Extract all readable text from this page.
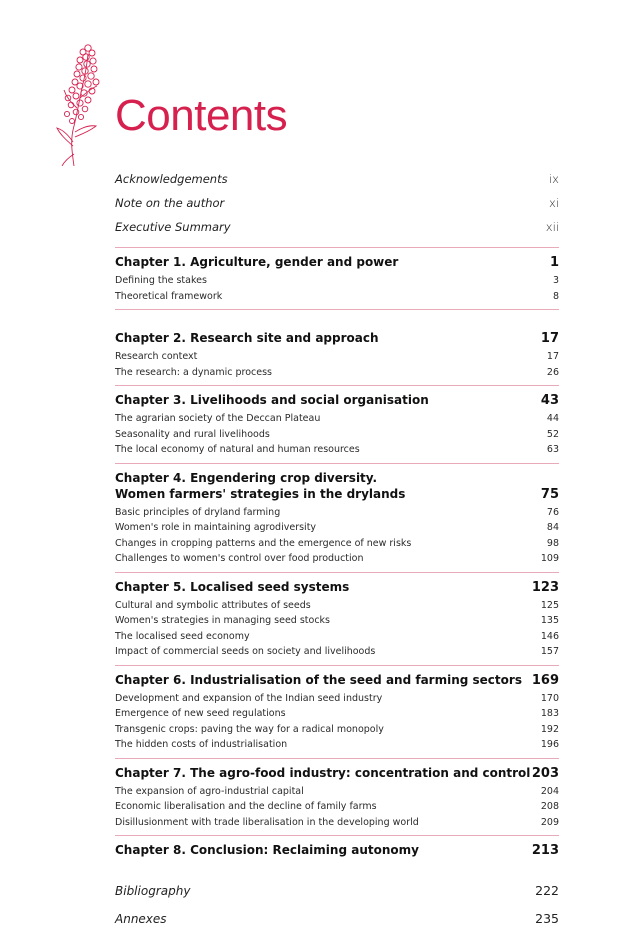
Contents
Acknowledgements	ix
Note on the author	xi
Executive Summary	xii
Chapter 1. Agriculture, gender and power	1
Defining the stakes	3
Theoretical framework	8
Chapter 2. Research site and approach	17
Research context	17
The research: a dynamic process	26
Chapter 3. Livelihoods and social organisation	43
The agrarian society of the Deccan Plateau	44
Seasonality and rural livelihoods	52
The local economy of natural and human resources	63
Chapter 4. Engendering crop diversity.
Women farmers' strategies in the drylands	75
Basic principles of dryland farming	76
Women's role in maintaining agrodiversity	84
Changes in cropping patterns and the emergence of new risks	98
Challenges to women's control over food production	109
Chapter 5. Localised seed systems	123
Cultural and symbolic attributes of seeds	125
Women's strategies in managing seed stocks	135
The localised seed economy	146
Impact of commercial seeds on society and livelihoods	157
Chapter 6. Industrialisation of the seed and farming sectors 169
Development and expansion of the Indian seed industry	170
Emergence of new seed regulations	183
Transgenic crops: paving the way for a radical monopoly	192
The hidden costs of industrialisation	196
Chapter 7. The agro-food industry: concentration and control 203
The expansion of agro-industrial capital	204
Economic liberalisation and the decline of family farms	208
Disillusionment with trade liberalisation in the developing world	209
Chapter 8. Conclusion: Reclaiming autonomy	213
Bibliography	222
Annexes	235
